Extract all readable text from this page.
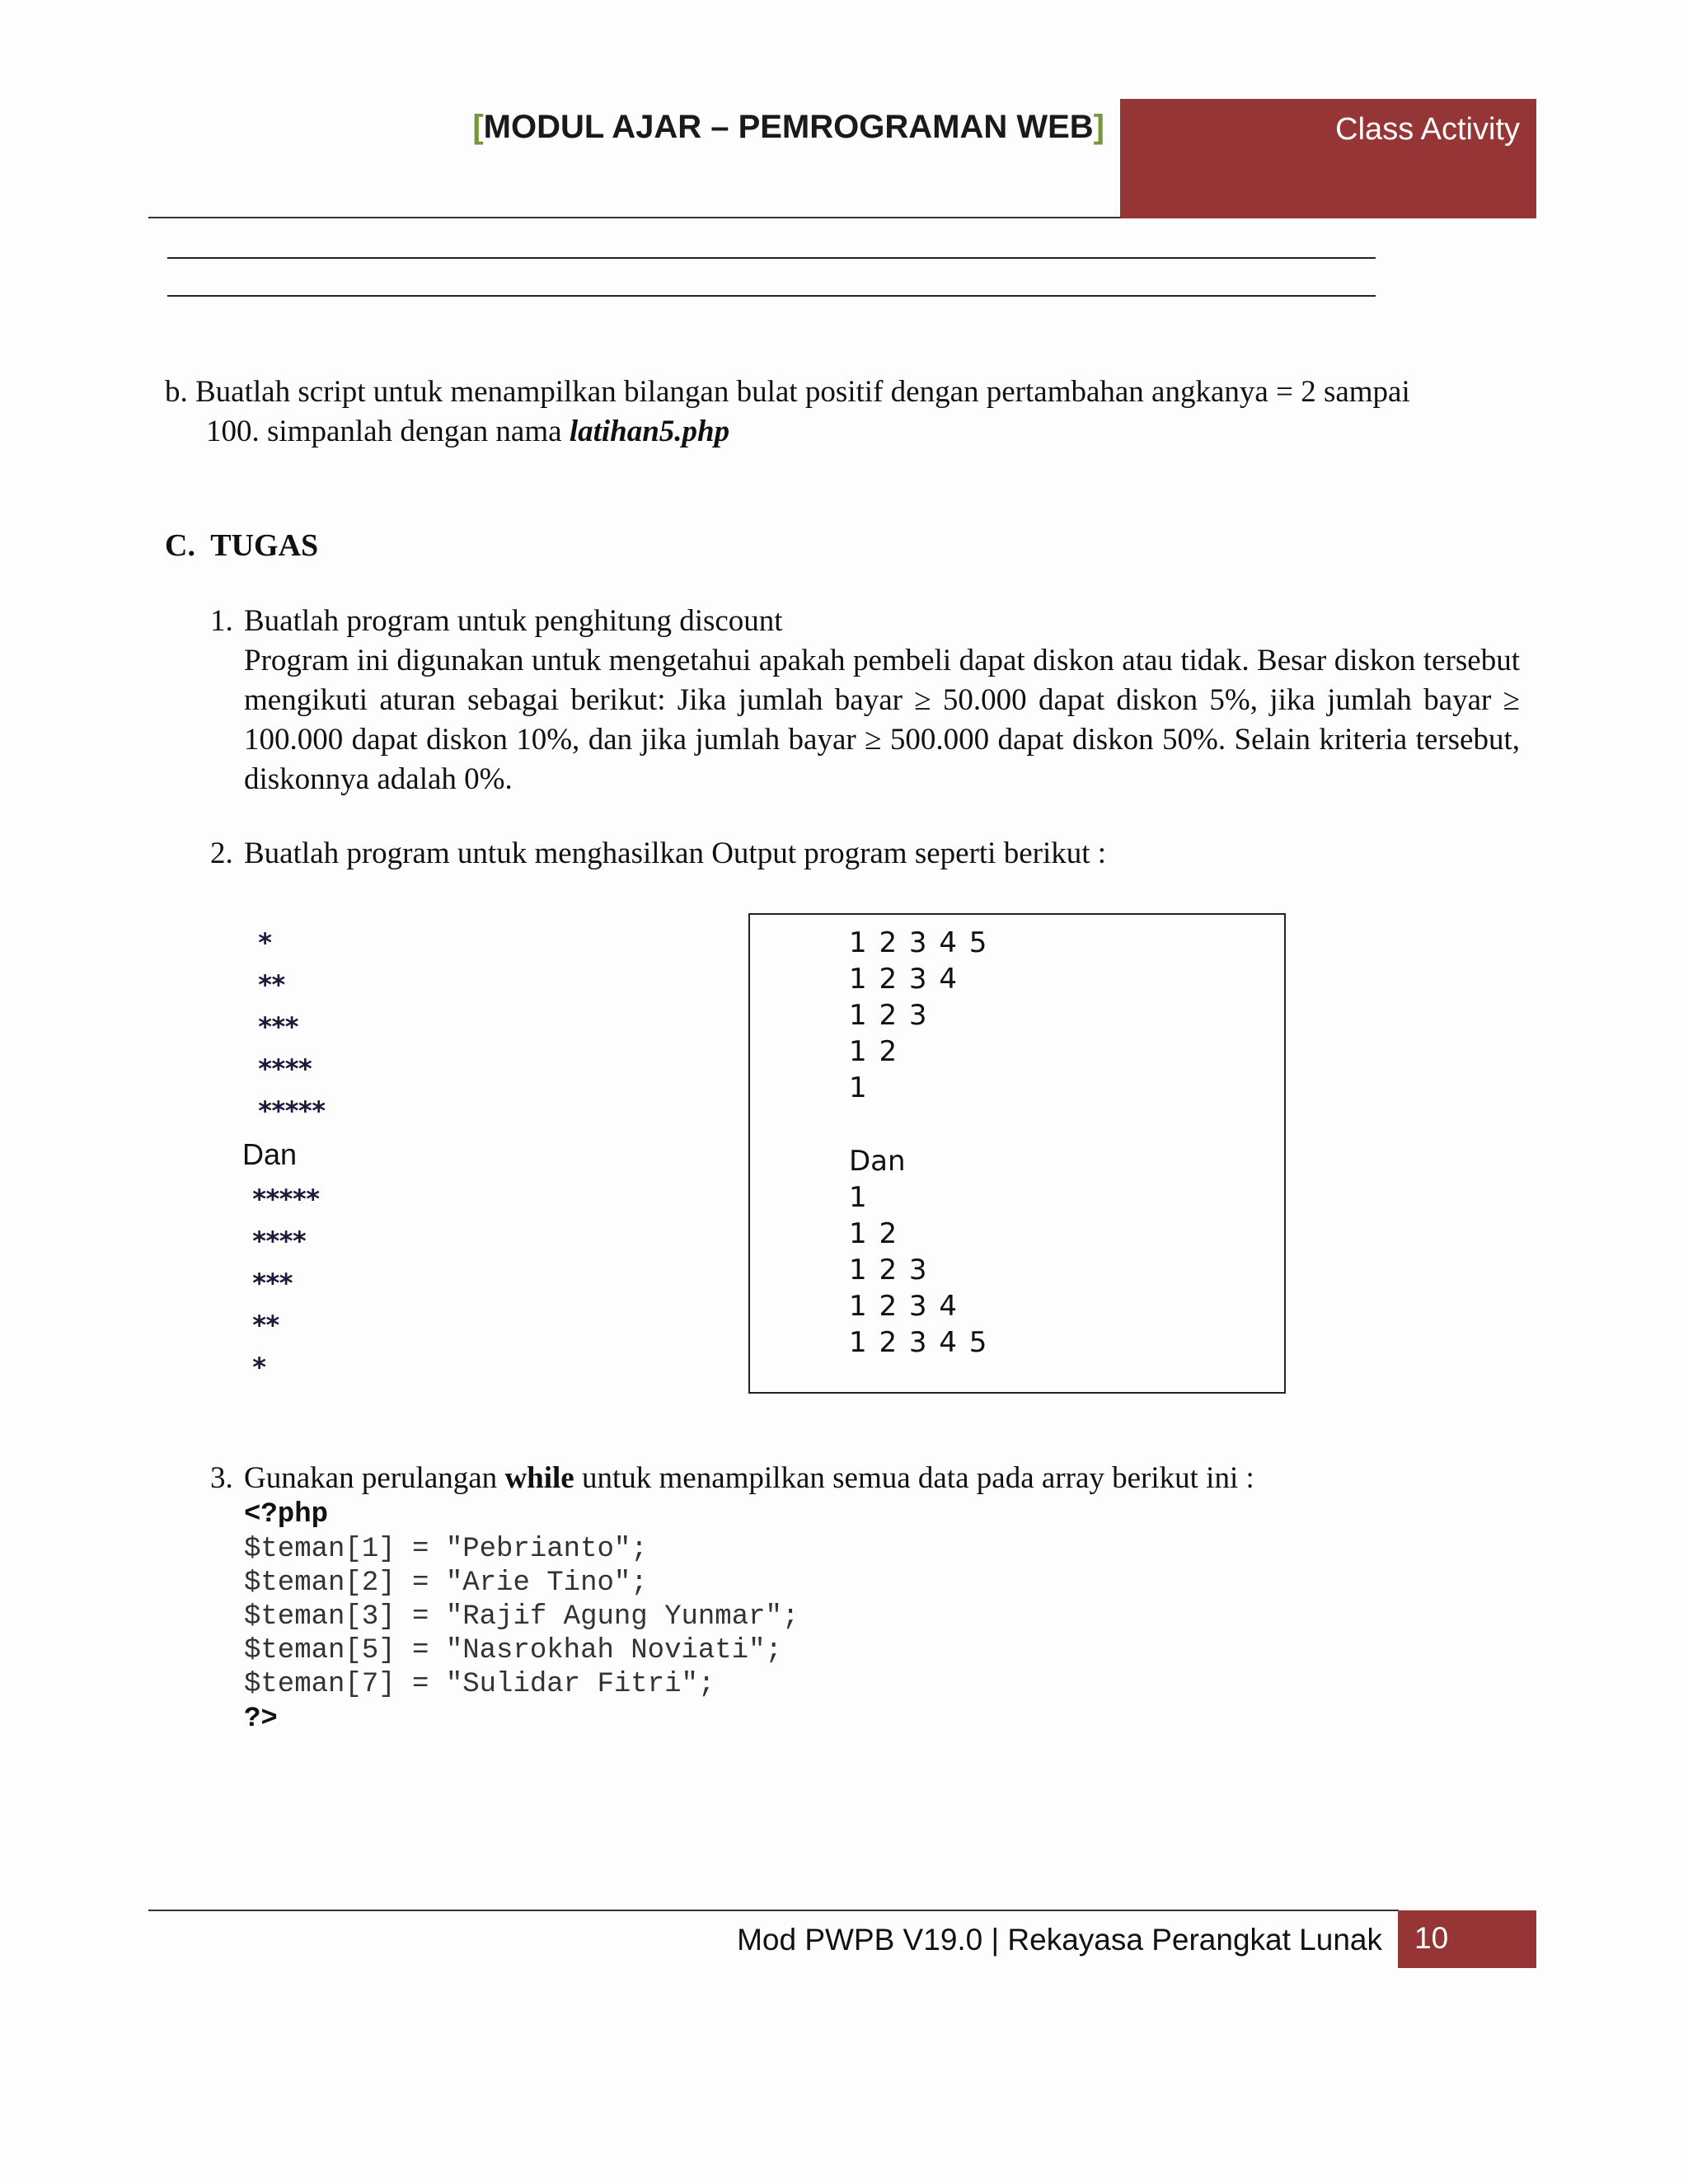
[MODUL AJAR – PEMROGRAMAN WEB]	Class Activity
b. Buatlah script untuk menampilkan bilangan bulat positif dengan pertambahan angkanya = 2 sampai
100. simpanlah dengan nama latihan5.php
C.  TUGAS
1. Buatlah program untuk penghitung discount
Program ini digunakan untuk mengetahui apakah pembeli dapat diskon atau tidak. Besar diskon tersebut mengikuti aturan sebagai berikut: Jika jumlah bayar ≥ 50.000 dapat diskon 5%, jika jumlah bayar ≥ 100.000 dapat diskon 10%, dan jika jumlah bayar ≥ 500.000 dapat diskon 50%. Selain kriteria tersebut, diskonnya adalah 0%.
2. Buatlah program untuk menghasilkan Output program seperti berikut :
*
**
***
****
*****
Dan
*****
****
***
**
*
1 2 3 4 5
1 2 3 4
1 2 3
1 2
1
Dan
1
1 2
1 2 3
1 2 3 4
1 2 3 4 5
3. Gunakan perulangan while untuk menampilkan semua data pada array berikut ini :
<?php
$teman[1] = "Pebrianto";
$teman[2] = "Arie Tino";
$teman[3] = "Rajif Agung Yunmar";
$teman[5] = "Nasrokhah Noviati";
$teman[7] = "Sulidar Fitri";
?>
Mod PWPB V19.0 | Rekayasa Perangkat Lunak 10
